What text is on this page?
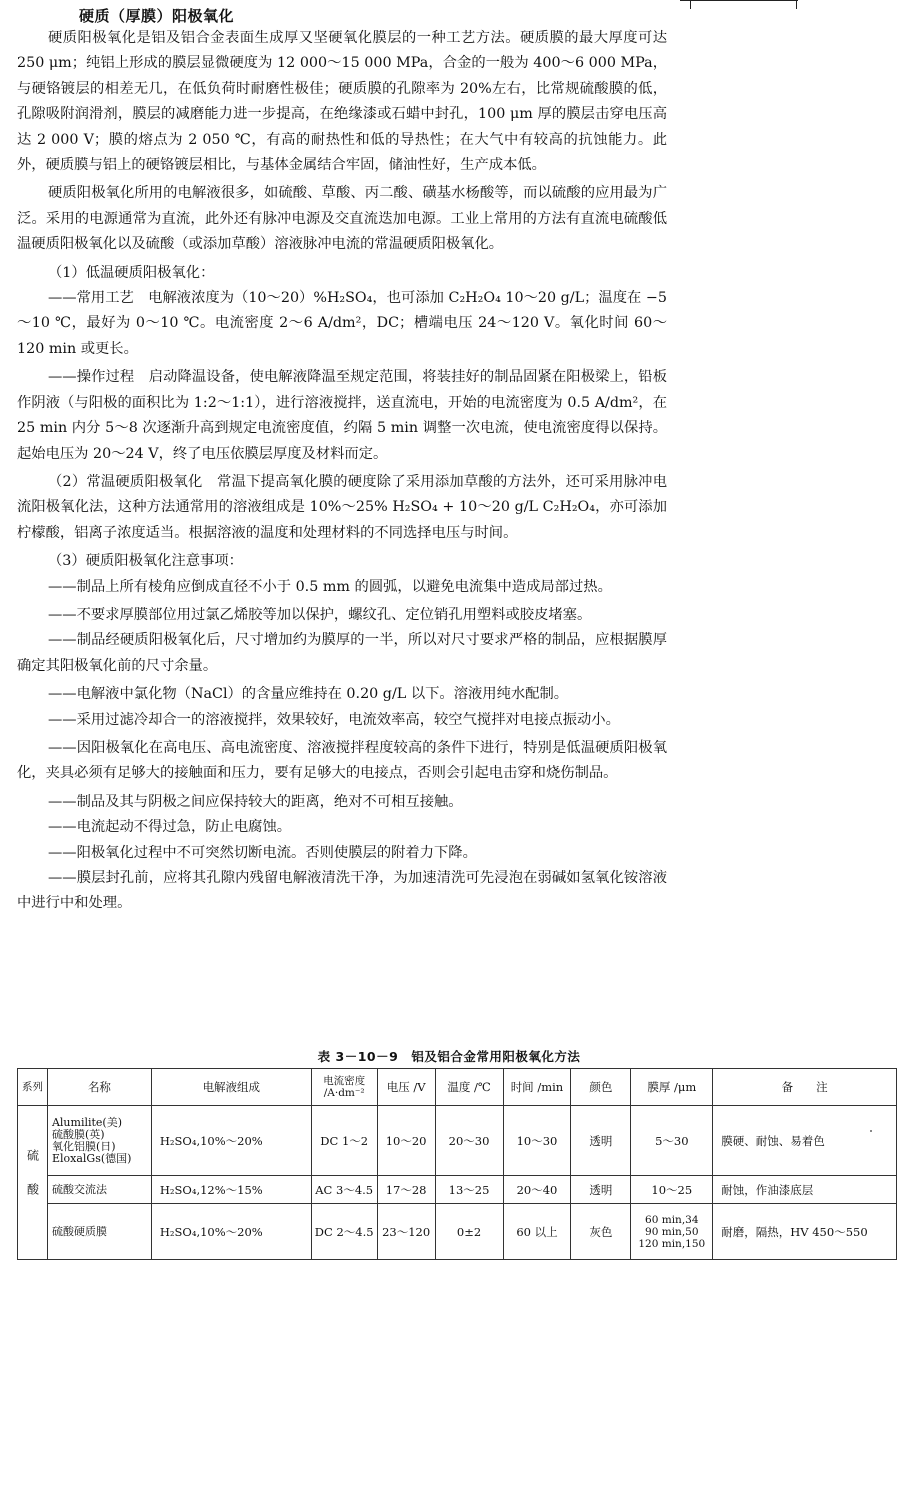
硬质（厚膜）阳极氧化

硬质阳极氧化是铝及铝合金表面生成厚又坚硬氧化膜层的一种工艺方法。硬质膜的最大厚度可达 250 μm；纯铝上形成的膜层显微硬度为 12 000～15 000 MPa，合金的一般为 400～6 000 MPa，与硬铬镀层的相差无几，在低负荷时耐磨性极佳；硬质膜的孔隙率为 20%左右，比常规硫酸膜的低，孔隙吸附润滑剂，膜层的减磨能力进一步提高，在绝缘漆或石蜡中封孔，100 μm 厚的膜层击穿电压高达 2 000 V；膜的熔点为 2 050 ℃，有高的耐热性和低的导热性；在大气中有较高的抗蚀能力。此外，硬质膜与铝上的硬铬镀层相比，与基体金属结合牢固，储油性好，生产成本低。

硬质阳极氧化所用的电解液很多，如硫酸、草酸、丙二酸、磺基水杨酸等，而以硫酸的应用最为广泛。采用的电源通常为直流，此外还有脉冲电源及交直流迭加电源。工业上常用的方法有直流电硫酸低温硬质阳极氧化以及硫酸（或添加草酸）溶液脉冲电流的常温硬质阳极氧化。

（1）低温硬质阳极氧化：

——常用工艺　电解液浓度为（10～20）%H₂SO₄，也可添加 C₂H₂O₄ 10～20 g/L；温度在 −5～10 ℃，最好为 0～10 ℃。电流密度 2～6 A/dm²，DC；槽端电压 24～120 V。氧化时间 60～120 min 或更长。

——操作过程　启动降温设备，使电解液降温至规定范围，将装挂好的制品固紧在阳极梁上，铅板作阴液（与阳极的面积比为 1:2～1:1），进行溶液搅拌，送直流电，开始的电流密度为 0.5 A/dm²，在 25 min 内分 5～8 次逐渐升高到规定电流密度值，约隔 5 min 调整一次电流，使电流密度得以保持。起始电压为 20～24 V，终了电压依膜层厚度及材料而定。

（2）常温硬质阳极氧化　常温下提高氧化膜的硬度除了采用添加草酸的方法外，还可采用脉冲电流阳极氧化法，这种方法通常用的溶液组成是 10%～25% H₂SO₄ + 10～20 g/L C₂H₂O₄，亦可添加柠檬酸，铝离子浓度适当。根据溶液的温度和处理材料的不同选择电压与时间。

（3）硬质阳极氧化注意事项：

——制品上所有棱角应倒成直径不小于 0.5 mm 的圆弧，以避免电流集中造成局部过热。

——不要求厚膜部位用过氯乙烯胶等加以保护，螺纹孔、定位销孔用塑料或胶皮堵塞。

——制品经硬质阳极氧化后，尺寸增加约为膜厚的一半，所以对尺寸要求严格的制品，应根据膜厚确定其阳极氧化前的尺寸余量。

——电解液中氯化物（NaCl）的含量应维持在 0.20 g/L 以下。溶液用纯水配制。

——采用过滤冷却合一的溶液搅拌，效果较好，电流效率高，较空气搅拌对电接点振动小。

——因阳极氧化在高电压、高电流密度、溶液搅拌程度较高的条件下进行，特别是低温硬质阳极氧化，夹具必须有足够大的接触面和压力，要有足够大的电接点，否则会引起电击穿和烧伤制品。

——制品及其与阴极之间应保持较大的距离，绝对不可相互接触。

——电流起动不得过急，防止电腐蚀。

——阳极氧化过程中不可突然切断电流。否则使膜层的附着力下降。

——膜层封孔前，应将其孔隙内残留电解液清洗干净，为加速清洗可先浸泡在弱碱如氢氧化铵溶液中进行中和处理。

表 3－10－9　铝及铝合金常用阳极氧化方法
系列	名称	电解液组成	电流密度 /A·dm⁻²	电压 /V	温度 /℃	时间 /min	颜色	膜厚 /μm	备　　注
硫酸	Alumilite(美)
硫酸膜(英)
氧化铝膜(日)
EloxalGs(德国)	H₂SO₄,10%～20%	DC 1～2	10～20	20～30	10～30	透明	5～30	膜硬、耐蚀、易着色
	硫酸交流法	H₂SO₄,12%～15%	AC 3～4.5	17～28	13～25	20～40	透明	10～25	耐蚀，作油漆底层
	硫酸硬质膜	H₂SO₄,10%～20%	DC 2～4.5	23～120	0±2	60 以上	灰色	60 min,34
90 min,50
120 min,150	耐磨，隔热，HV 450～550
